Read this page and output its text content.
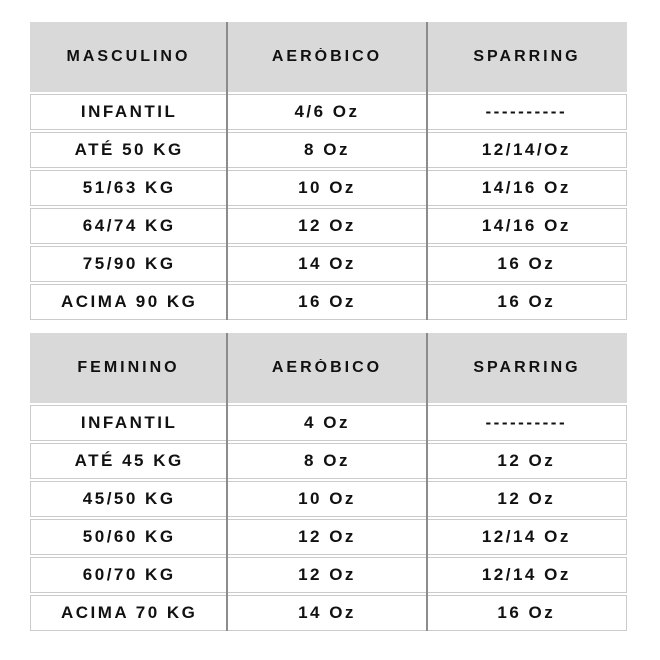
MASCULINO	AERÓBICO	SPARRING
INFANTIL	4/6 Oz	----------
ATÉ 50 KG	8 Oz	12/14/Oz
51/63 KG	10 Oz	14/16 Oz
64/74 KG	12 Oz	14/16 Oz
75/90 KG	14 Oz	16 Oz
ACIMA 90 KG	16 Oz	16 Oz
FEMININO	AERÓBICO	SPARRING
INFANTIL	4 Oz	----------
ATÉ 45 KG	8 Oz	12 Oz
45/50 KG	10 Oz	12 Oz
50/60 KG	12 Oz	12/14 Oz
60/70 KG	12 Oz	12/14 Oz
ACIMA 70 KG	14 Oz	16 Oz
